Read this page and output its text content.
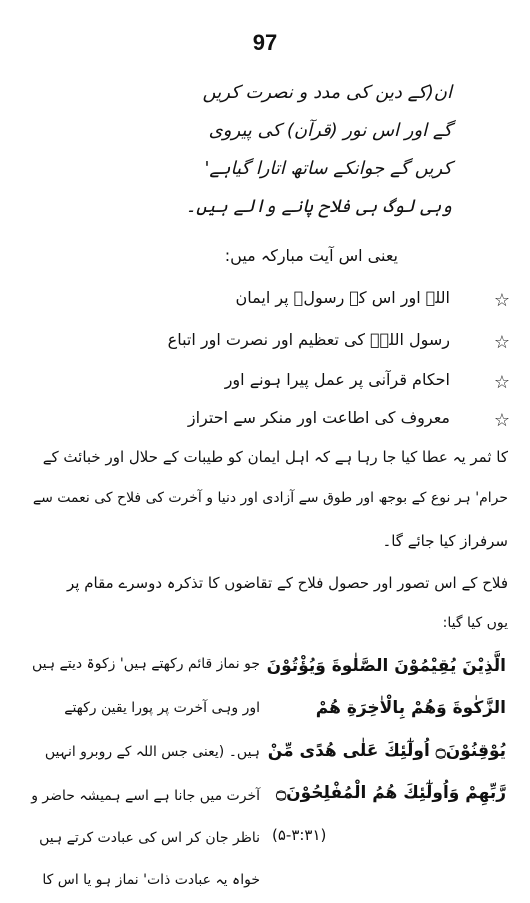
97
ان(کے دین کی مدد و نصرت کریں
گے اور اس نور (قرآن) کی پیروی
کریں گے جوانکے ساتھ اتارا گیاہے'
وہی لوگ ہی فلاح پانے والے ہیں۔
یعنی اس آیت مبارکہ میں:
☆
اللہ اور اس کے رسولؐ پر ایمان
☆
رسول اللہؐ کی تعظیم اور نصرت اور اتباع
☆
احکام قرآنی پر عمل پیرا ہونے اور
☆
معروف کی اطاعت اور منکر سے احتراز
کا ثمر یہ عطا کیا جا رہا ہے کہ اہل ایمان کو طیبات کے حلال اور خبائث کے
حرام' ہر نوع کے بوجھ اور طوق سے آزادی اور دنیا و آخرت کی فلاح کی نعمت سے
سرفراز کیا جائے گا۔
فلاح کے اس تصور اور حصول فلاح کے تقاضوں کا تذکرہ دوسرے مقام پر
یوں کیا گیا:
الَّذِيْنَ يُقِيْمُوْنَ الصَّلٰوةَ وَيُؤْتُوْنَ
الزَّكٰوةَ وَهُمْ بِالْاٰخِرَةِ هُمْ
يُوْقِنُوْنَ۝ اُولٰٓئِكَ عَلٰى هُدًى مِّنْ
رَّبِّهِمْ وَاُولٰٓئِكَ هُمُ الْمُفْلِحُوْنَ۝
(۵-۳:۳۱)
جو نماز قائم رکھتے ہیں' زکوۃ دیتے ہیں
اور وہی آخرت پر پورا یقین رکھتے
ہیں۔ (یعنی جس اللہ کے روبرو انہیں
آخرت میں جانا ہے اسے ہمیشہ حاضر و
ناظر جان کر اس کی عبادت کرتے ہیں
خواہ یہ عبادت ذات' نماز ہو یا اس کا
